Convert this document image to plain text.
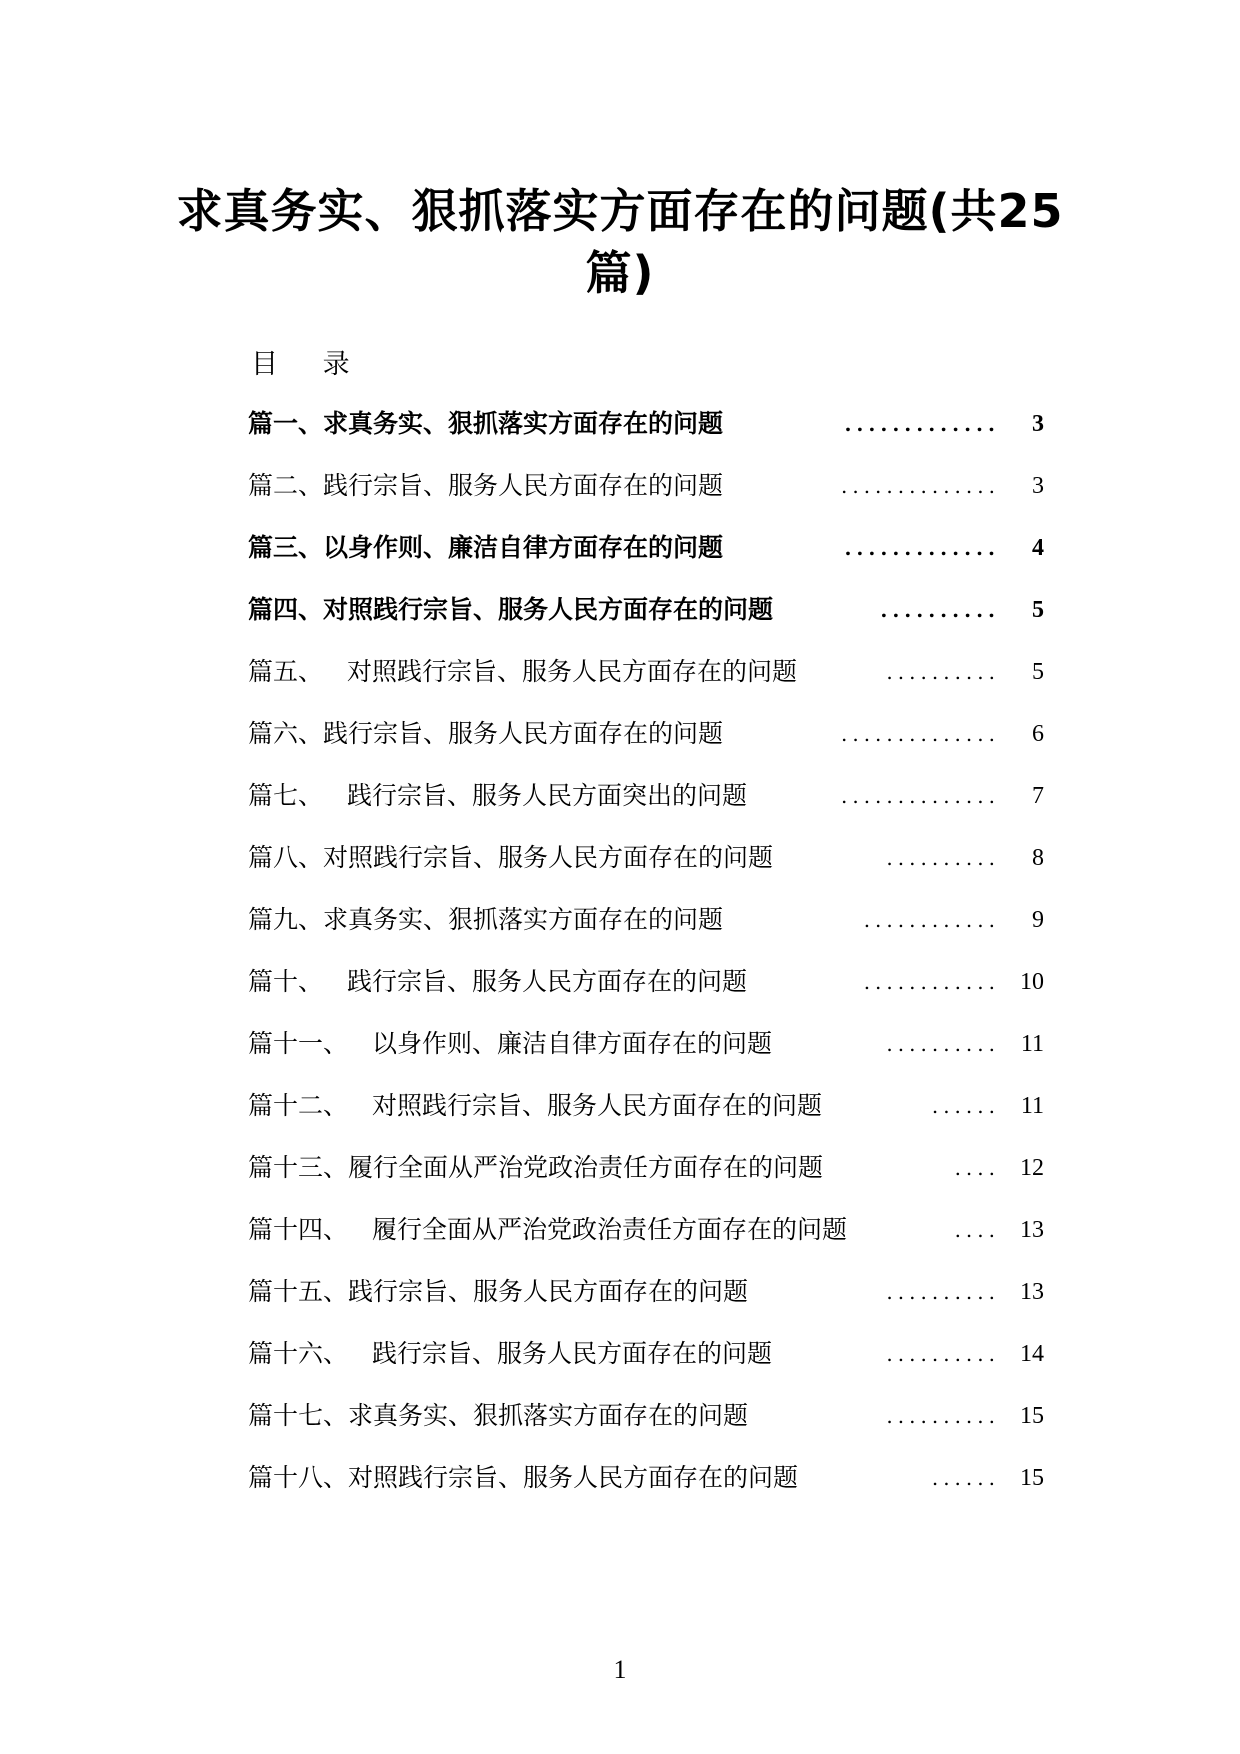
求真务实、狠抓落实方面存在的问题(共25篇)
目 录
篇一、求真务实、狠抓落实方面存在的问题	.............	3
篇二、践行宗旨、服务人民方面存在的问题	..............	3
篇三、以身作则、廉洁自律方面存在的问题	.............	4
篇四、对照践行宗旨、服务人民方面存在的问题	..........	5
篇五、 对照践行宗旨、服务人民方面存在的问题	..........	5
篇六、践行宗旨、服务人民方面存在的问题	..............	6
篇七、 践行宗旨、服务人民方面突出的问题	..............	7
篇八、对照践行宗旨、服务人民方面存在的问题	..........	8
篇九、求真务实、狠抓落实方面存在的问题	............	9
篇十、 践行宗旨、服务人民方面存在的问题	............ 10
篇十一、 以身作则、廉洁自律方面存在的问题	.......... 11
篇十二、 对照践行宗旨、服务人民方面存在的问题	...... 11
篇十三、履行全面从严治党政治责任方面存在的问题	.... 12
篇十四、 履行全面从严治党政治责任方面存在的问题	.... 13
篇十五、践行宗旨、服务人民方面存在的问题	.......... 13
篇十六、 践行宗旨、服务人民方面存在的问题	.......... 14
篇十七、求真务实、狠抓落实方面存在的问题	.......... 15
篇十八、对照践行宗旨、服务人民方面存在的问题	...... 15
1
